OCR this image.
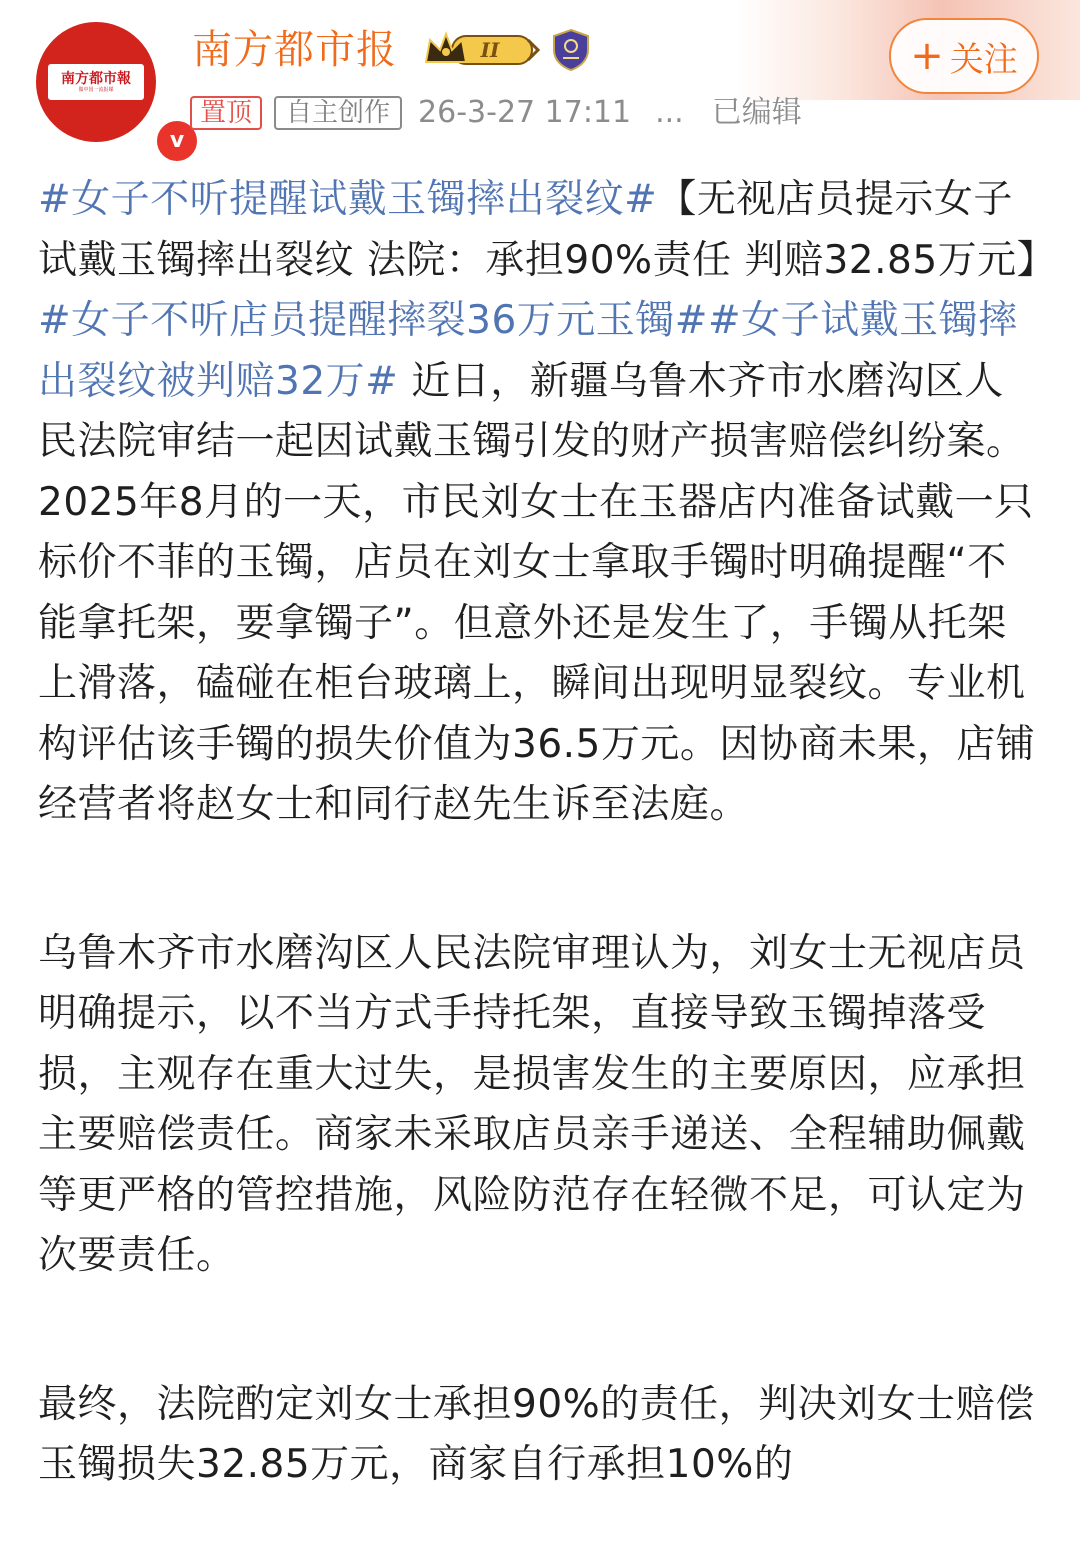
南方都市報
做中国一流报媒
v
南方都市报	II	+ 关注
置顶	自主创作 26-3-27 17:11 ... 已编辑

#女子不听提醒试戴玉镯摔出裂纹#【无视店员提示女子试戴玉镯摔出裂纹 法院：承担90%责任 判赔32.85万元】#女子不听店员提醒摔裂36万元玉镯##女子试戴玉镯摔出裂纹被判赔32万# 近日，新疆乌鲁木齐市水磨沟区人民法院审结一起因试戴玉镯引发的财产损害赔偿纠纷案。2025年8月的一天，市民刘女士在玉器店内准备试戴一只标价不菲的玉镯，店员在刘女士拿取手镯时明确提醒“不能拿托架，要拿镯子”。但意外还是发生了，手镯从托架上滑落，磕碰在柜台玻璃上，瞬间出现明显裂纹。专业机构评估该手镯的损失价值为36.5万元。因协商未果，店铺经营者将赵女士和同行赵先生诉至法庭。

乌鲁木齐市水磨沟区人民法院审理认为，刘女士无视店员明确提示，以不当方式手持托架，直接导致玉镯掉落受损，主观存在重大过失，是损害发生的主要原因，应承担主要赔偿责任。商家未采取店员亲手递送、全程辅助佩戴等更严格的管控措施，风险防范存在轻微不足，可认定为次要责任。

最终，法院酌定刘女士承担90%的责任，判决刘女士赔偿玉镯损失32.85万元，商家自行承担10%的
